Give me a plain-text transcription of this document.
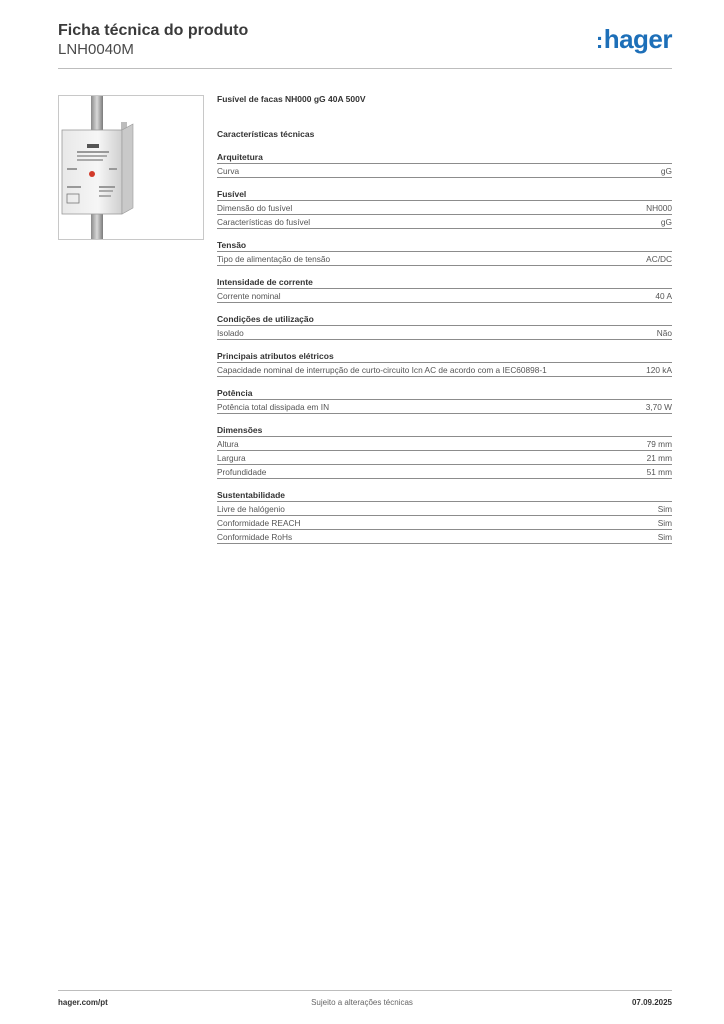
Ficha técnica do produto
LNH0040M	:hager
Fusível de facas NH000 gG 40A 500V
Características técnicas
Arquitetura
Curva	gG
Fusível
Dimensão do fusível	NH000
Características do fusível	gG
Tensão
Tipo de alimentação de tensão	AC/DC
Intensidade de corrente
Corrente nominal	40 A
Condições de utilização
Isolado	Não
Principais atributos elétricos
Capacidade nominal de interrupção de curto-circuito Icn AC de acordo com a IEC60898-1	120 kA
Potência
Potência total dissipada em IN	3,70 W
Dimensões
Altura	79 mm
Largura	21 mm
Profundidade	51 mm
Sustentabilidade
Livre de halógenio	Sim
Conformidade REACH	Sim
Conformidade RoHs	Sim
hager.com/pt	Sujeito a alterações técnicas	07.09.2025
